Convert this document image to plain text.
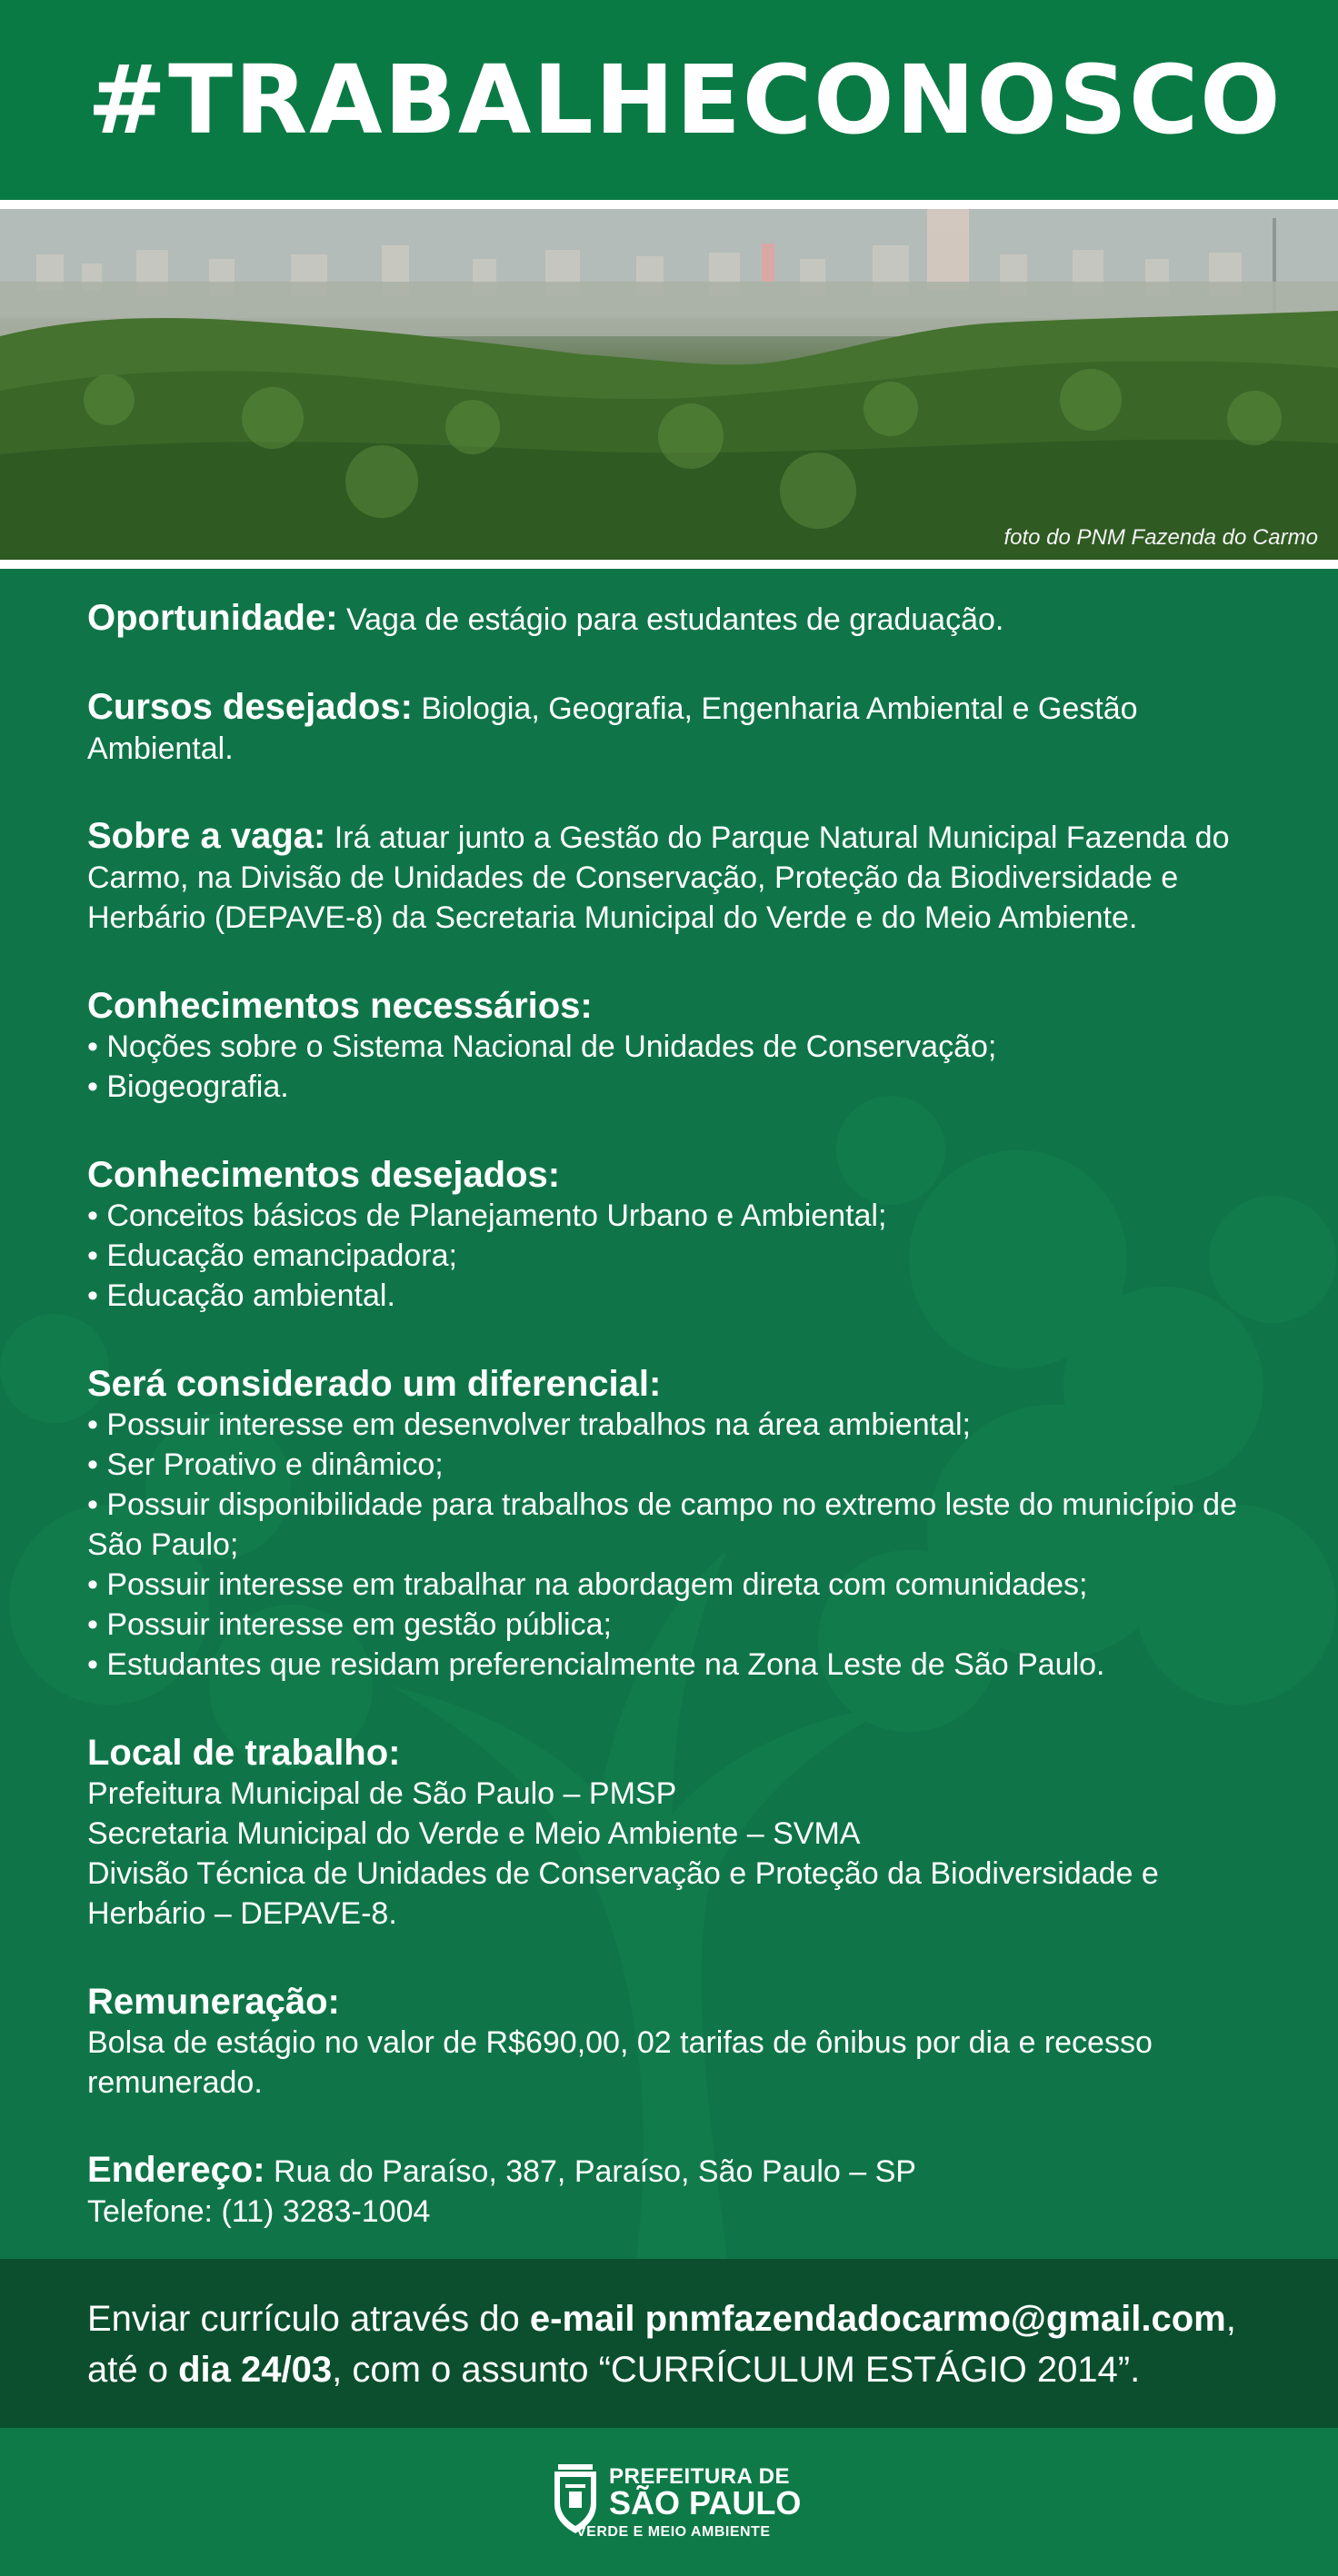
#TRABALHECONOSCO
foto do PNM Fazenda do Carmo

Oportunidade: Vaga de estágio para estudantes de graduação.

Cursos desejados: Biologia, Geografia, Engenharia Ambiental e Gestão Ambiental.

Sobre a vaga: Irá atuar junto a Gestão do Parque Natural Municipal Fazenda do Carmo, na Divisão de Unidades de Conservação, Proteção da Biodiversidade e Herbário (DEPAVE-8) da Secretaria Municipal do Verde e do Meio Ambiente.

Conhecimentos necessários:

• Noções sobre o Sistema Nacional de Unidades de Conservação;

• Biogeografia.

Conhecimentos desejados:

• Conceitos básicos de Planejamento Urbano e Ambiental;

• Educação emancipadora;

• Educação ambiental.

Será considerado um diferencial:

• Possuir interesse em desenvolver trabalhos na área ambiental;

• Ser Proativo e dinâmico;

• Possuir disponibilidade para trabalhos de campo no extremo leste do município de São Paulo;

• Possuir interesse em trabalhar na abordagem direta com comunidades;

• Possuir interesse em gestão pública;

• Estudantes que residam preferencialmente na Zona Leste de São Paulo.

Local de trabalho:

Prefeitura Municipal de São Paulo – PMSP

Secretaria Municipal do Verde e Meio Ambiente – SVMA

Divisão Técnica de Unidades de Conservação e Proteção da Biodiversidade e Herbário – DEPAVE-8.

Remuneração:

Bolsa de estágio no valor de R$690,00, 02 tarifas de ônibus por dia e recesso remunerado.

Endereço: Rua do Paraíso, 387, Paraíso, São Paulo – SP

Telefone: (11) 3283-1004

Enviar currículo através do e-mail pnmfazendadocarmo@gmail.com,
até o dia 24/03, com o assunto “CURRÍCULUM ESTÁGIO 2014”.
PREFEITURA DE
SÃO PAULO
VERDE E MEIO AMBIENTE
